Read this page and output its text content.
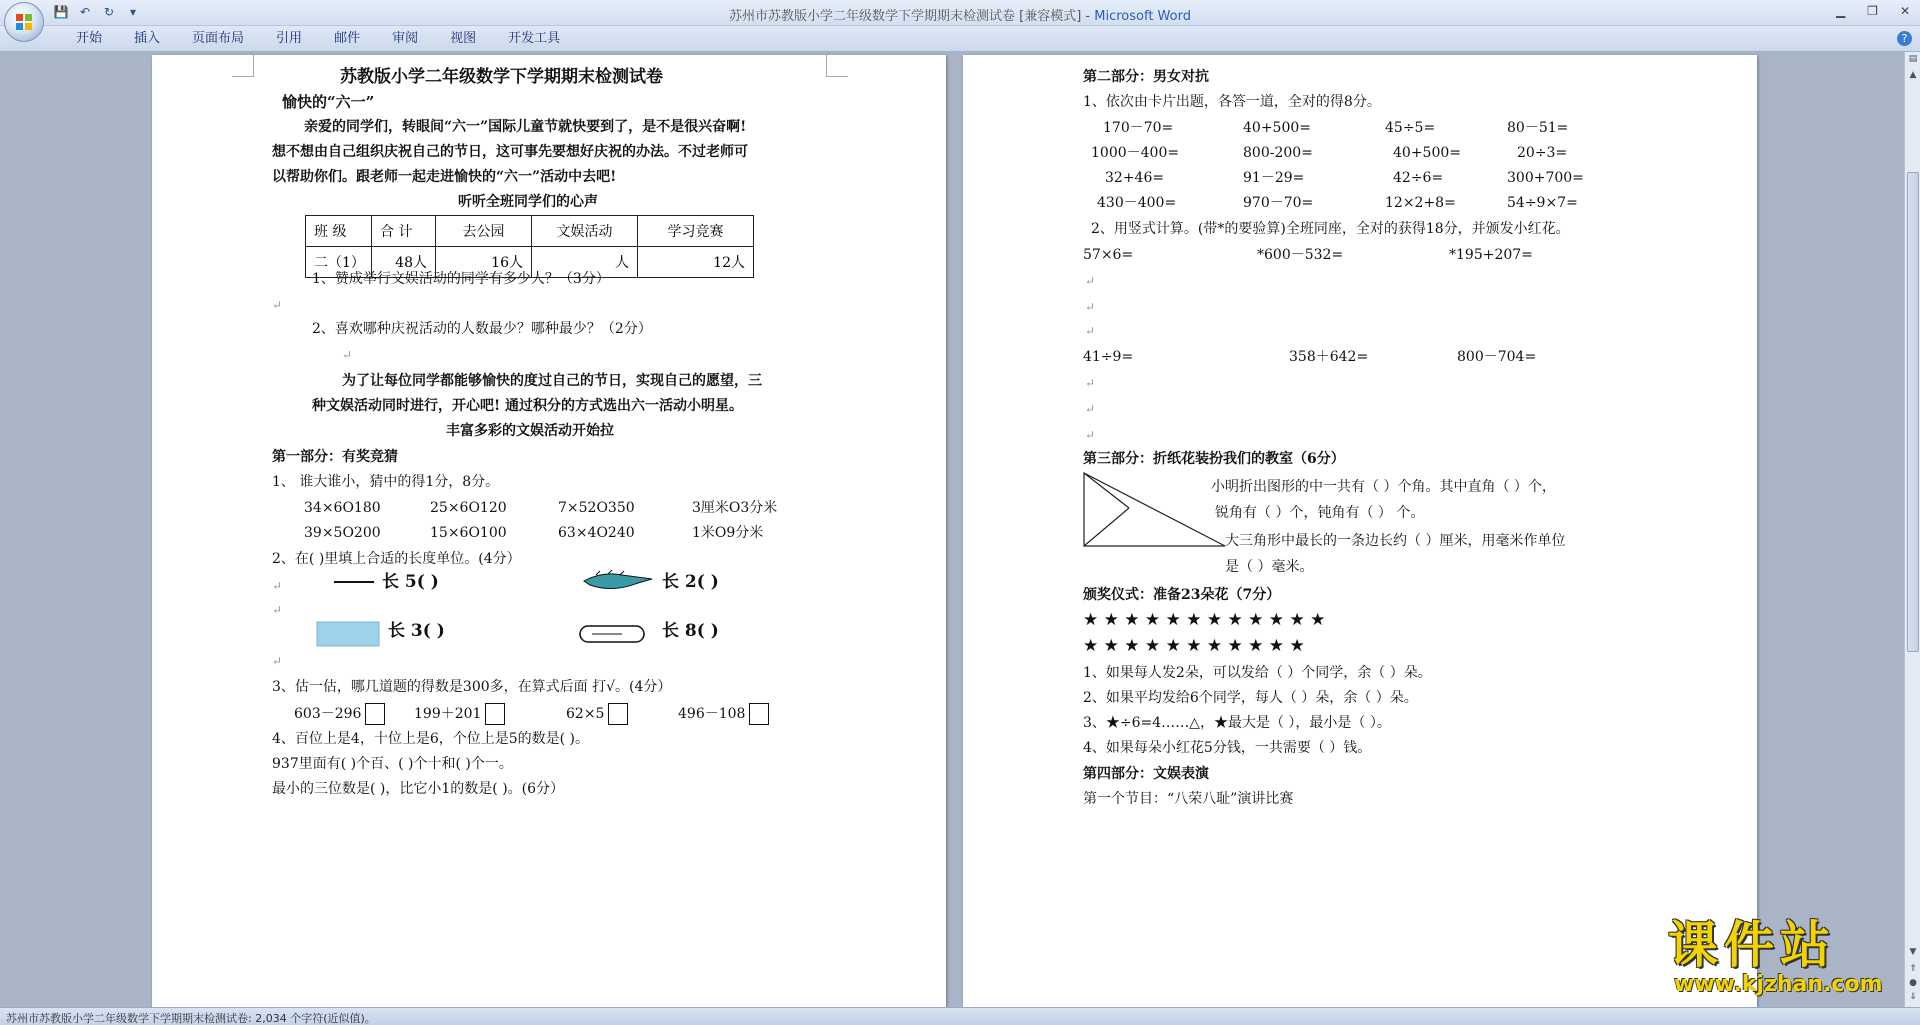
💾 ↶	↻	▾	苏州市苏教版小学二年级数学下学期期末检测试卷 [兼容模式] - Microsoft Word	▁ ❐ ✕
开始	插入	页面布局	引用	邮件	审阅	视图	开发工具	?
苏教版小学二年级数学下学期期末检测试卷
愉快的“六一”
亲爱的同学们，转眼间“六一”国际儿童节就快要到了，是不是很兴奋啊!
想不想由自己组织庆祝自己的节日，这可事先要想好庆祝的办法。不过老师可
以帮助你们。跟老师一起走进愉快的“六一”活动中去吧!
听听全班同学们的心声
班 级	合 计	去公园	文娱活动	学习竞赛
二（1）	48人	16人	人	12人
1、赞成举行文娱活动的同学有多少人？（3分）
↵
2、喜欢哪种庆祝活动的人数最少？哪种最少？（2分）
↵
为了让每位同学都能够愉快的度过自己的节日，实现自己的愿望，三
种文娱活动同时进行，开心吧! 通过积分的方式选出六一活动小明星。
丰富多彩的文娱活动开始拉
第一部分：有奖竞猜
1、 谁大谁小，猜中的得1分，8分。
34×6O180	25×6O120	7×52O350	3厘米O3分米
39×5O200	15×6O100	63×4O240	1米O9分米
2、在( )里填上合适的长度单位。(4分）
长 5( )	长 2( )
长 3( )	长 8( )
↵
↵
↵
3、估一估，哪几道题的得数是300多，在算式后面 打√。(4分）
603－296	199＋201	62×5	496－108
4、百位上是4，十位上是6，个位上是5的数是( )。
937里面有( )个百、( )个十和( )个一。
最小的三位数是( )，比它小1的数是( )。(6分）
第二部分：男女对抗
1、依次由卡片出题，各答一道，全对的得8分。
170－70=	40+500=	45÷5=	80－51=
1000－400=	800-200=	40+500=	20÷3=
32+46=	91－29=	42÷6=	300+700=
430－400=	970－70=	12×2+8=	54÷9×7=
2、用竖式计算。(带*的要验算)全班同座，全对的获得18分，并颁发小红花。
57×6=	*600－532=	*195+207=
↵
↵
↵
41÷9=	358＋642=	800－704=
↵
↵
↵
第三部分：折纸花装扮我们的教室（6分）
小明折出图形的中一共有（ ）个角。其中直角（ ）个，
锐角有（ ）个，钝角有（ ） 个。
大三角形中最长的一条边长约（ ）厘米，用毫米作单位
是（ ）毫米。
颁奖仪式：准备23朵花（7分）
★ ★ ★ ★ ★ ★ ★ ★ ★ ★ ★ ★
★ ★ ★ ★ ★ ★ ★ ★ ★ ★ ★
1、如果每人发2朵，可以发给（ ）个同学，余（ ）朵。
2、如果平均发给6个同学，每人（ ）朵，余（ ）朵。
3、★÷6=4……△，★最大是（ ），最小是（ ）。
4、如果每朵小红花5分钱，一共需要（ ）钱。
第四部分：文娱表演
第一个节目：“八荣八耻”演讲比赛
▤
▲
▼
⇑
●
⇓
苏州市苏教版小学二年级数学下学期期末检测试卷: 2,034 个字符(近似值)。
课件站
www.kjzhan.com
